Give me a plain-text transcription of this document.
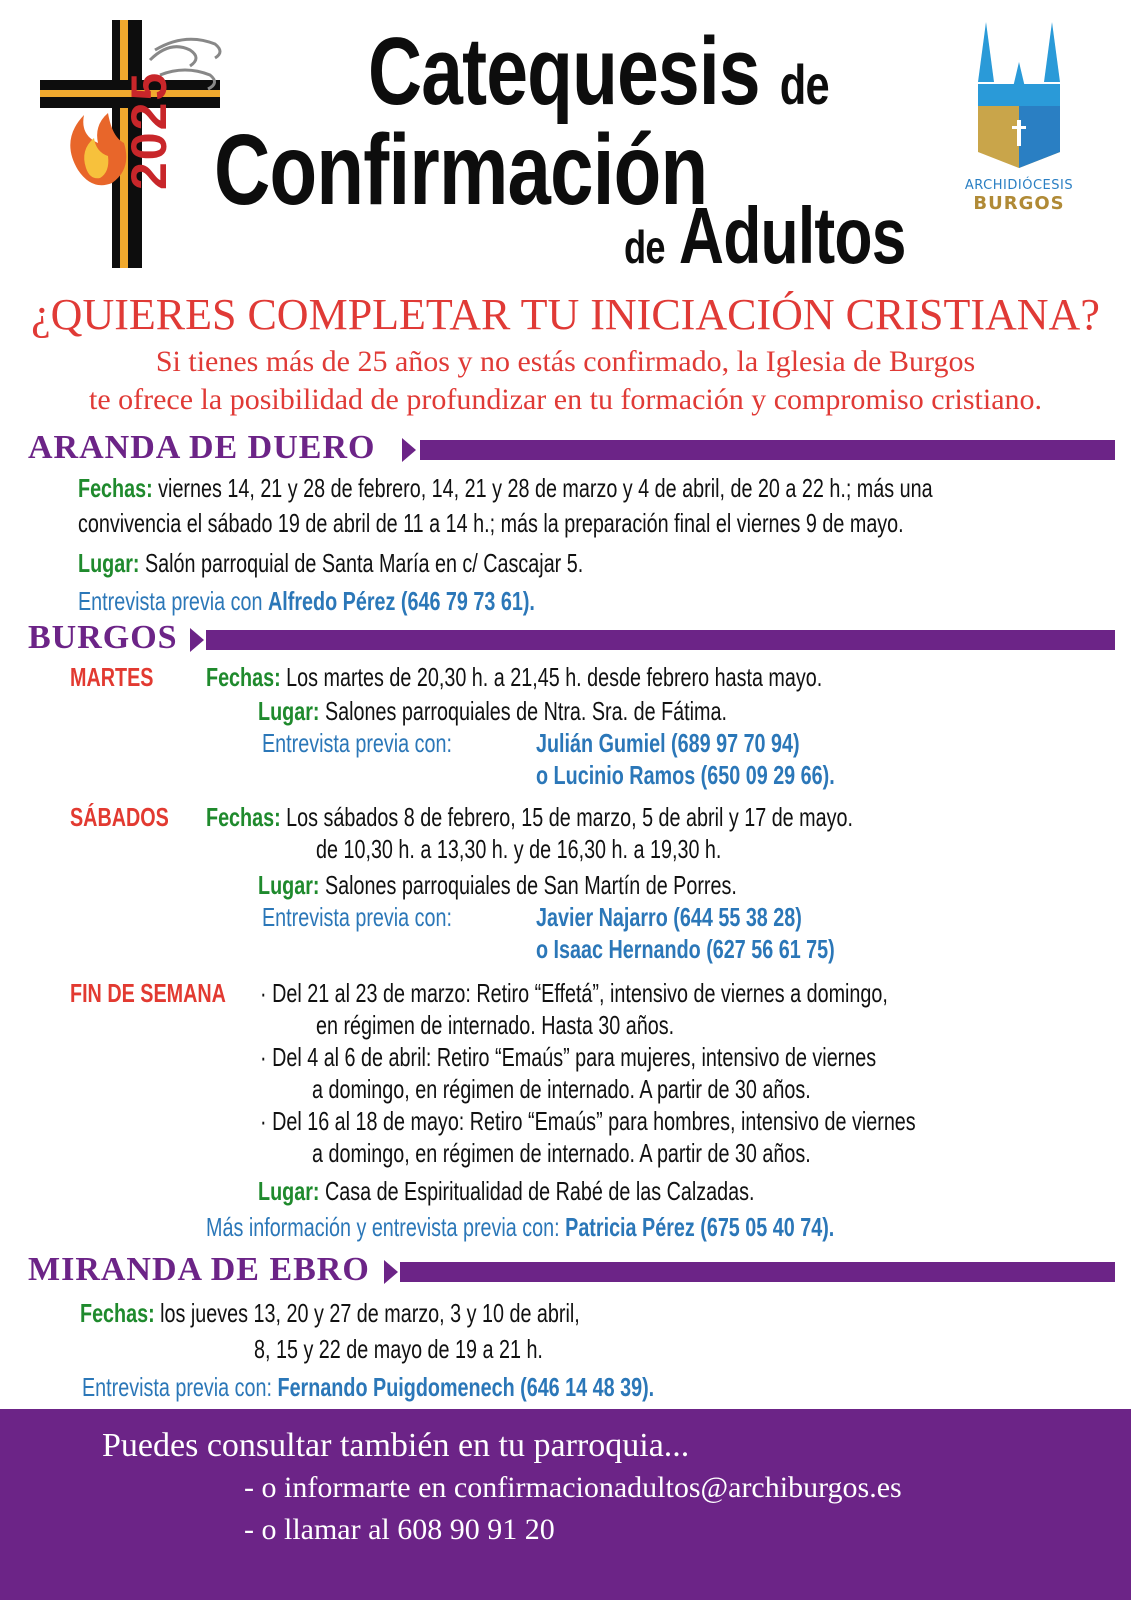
2025 Catequesis de
Confirmación
de Adultos
ARCHIDIÓCESIS
BURGOS
¿QUIERES COMPLETAR TU INICIACIÓN CRISTIANA?
Si tienes más de 25 años y no estás confirmado, la Iglesia de Burgos
te ofrece la posibilidad de profundizar en tu formación y compromiso cristiano.
ARANDA DE DUERO
Fechas: viernes 14, 21 y 28 de febrero, 14, 21 y 28 de marzo y 4 de abril, de 20 a 22 h.; más una
convivencia el sábado 19 de abril de 11 a 14 h.; más la preparación final el viernes 9 de mayo.
Lugar: Salón parroquial de Santa María en c/ Cascajar 5.
Entrevista previa con Alfredo Pérez (646 79 73 61).
BURGOS
MARTES Fechas: Los martes de 20,30 h. a 21,45 h. desde febrero hasta mayo.
Lugar: Salones parroquiales de Ntra. Sra. de Fátima.
Entrevista previa con:	Julián Gumiel (689 97 70 94)
o Lucinio Ramos (650 09 29 66).
SÁBADOS Fechas: Los sábados 8 de febrero, 15 de marzo, 5 de abril y 17 de mayo.
de 10,30 h. a 13,30 h. y de 16,30 h. a 19,30 h.
Lugar: Salones parroquiales de San Martín de Porres.
Entrevista previa con:	Javier Najarro (644 55 38 28)
o Isaac Hernando (627 56 61 75)
FIN DE SEMANA · Del 21 al 23 de marzo: Retiro “Effetá”, intensivo de viernes a domingo,
en régimen de internado. Hasta 30 años.
· Del 4 al 6 de abril: Retiro “Emaús” para mujeres, intensivo de viernes
a domingo, en régimen de internado. A partir de 30 años.
· Del 16 al 18 de mayo: Retiro “Emaús” para hombres, intensivo de viernes
a domingo, en régimen de internado. A partir de 30 años.
Lugar: Casa de Espiritualidad de Rabé de las Calzadas.
Más información y entrevista previa con: Patricia Pérez (675 05 40 74).
MIRANDA DE EBRO
Fechas: los jueves 13, 20 y 27 de marzo, 3 y 10 de abril,
8, 15 y 22 de mayo de 19 a 21 h.
Entrevista previa con: Fernando Puigdomenech (646 14 48 39).
Puedes consultar también en tu parroquia...
- o informarte en confirmacionadultos@archiburgos.es
- o llamar al 608 90 91 20
